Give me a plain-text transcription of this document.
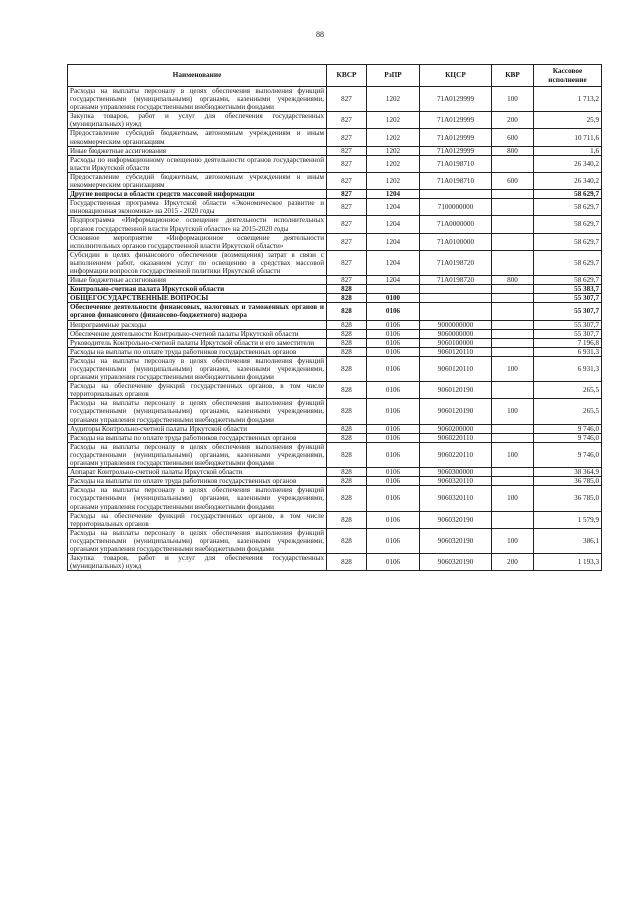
88
Наименование	КВСР	РзПР	КЦСР	КВР	Кассовое исполнение
Расходы на выплаты персоналу в целях обеспечения выполнения функций государственными (муниципальными) органами, казенными учреждениями, органами управления государственными внебюджетными фондами	827	1202	71А0129999	100	1 713,2
Закупка товаров, работ и услуг для обеспечения государственных (муниципальных) нужд	827	1202	71А0129999	200	25,9
Предоставление субсидий бюджетным, автономным учреждениям и иным некоммерческим организациям	827	1202	71А0129999	600	10 711,6
Иные бюджетные ассигнования	827	1202	71А0129999	800	1,6
Расходы по информационному освещению деятельности органов государственной власти Иркутской области	827	1202	71А0198710		26 340,2
Предоставление субсидий бюджетным, автономным учреждениям и иным некоммерческим организациям	827	1202	71А0198710	600	26 340,2
Другие вопросы в области средств массовой информации	827	1204			58 629,7
Государственная программа Иркутской области «Экономическое развитие и инновационная экономика» на 2015 - 2020 годы	827	1204	7100000000		58 629,7
Подпрограмма «Информационное освещение деятельности исполнительных органов государственной власти Иркутской области» на 2015-2020 годы	827	1204	71А0000000		58 629,7
Основное мероприятие «Информационное освещение деятельности исполнительных органов государственной власти Иркутской области»	827	1204	71А0100000		58 629,7
Субсидии в целях финансового обеспечения (возмещения) затрат в связи с выполнением работ, оказанием услуг по освещению в средствах массовой информации вопросов государственной политики Иркутской области	827	1204	71А0198720		58 629,7
Иные бюджетные ассигнования	827	1204	71А0198720	800	58 629,7
Контрольно-счетная палата Иркутской области	828				55 383,7
ОБЩЕГОСУДАРСТВЕННЫЕ ВОПРОСЫ	828	0100			55 307,7
Обеспечение деятельности финансовых, налоговых и таможенных органов и органов финансового (финансово-бюджетного) надзора	828	0106			55 307,7
Непрограммные расходы	828	0106	9000000000		55 307,7
Обеспечение деятельности Контрольно-счетной палаты Иркутской области	828	0106	9060000000		55 307,7
Руководитель Контрольно-счетной палаты Иркутской области и его заместители	828	0106	9060100000		7 196,8
Расходы на выплаты по оплате труда работников государственных органов	828	0106	9060120110		6 931,3
Расходы на выплаты персоналу в целях обеспечения выполнения функций государственными (муниципальными) органами, казенными учреждениями, органами управления государственными внебюджетными фондами	828	0106	9060120110	100	6 931,3
Расходы на обеспечение функций государственных органов, в том числе территориальных органов	828	0106	9060120190		265,5
Расходы на выплаты персоналу в целях обеспечения выполнения функций государственными (муниципальными) органами, казенными учреждениями, органами управления государственными внебюджетными фондами	828	0106	9060120190	100	265,5
Аудиторы Контрольно-счетной палаты Иркутской области	828	0106	9060200000		9 746,0
Расходы на выплаты по оплате труда работников государственных органов	828	0106	9060220110		9 746,0
Расходы на выплаты персоналу в целях обеспечения выполнения функций государственными (муниципальными) органами, казенными учреждениями, органами управления государственными внебюджетными фондами	828	0106	9060220110	100	9 746,0
Аппарат Контрольно-счетной палаты Иркутской области	828	0106	9060300000		38 364,9
Расходы на выплаты по оплате труда работников государственных органов	828	0106	9060320110		36 785,0
Расходы на выплаты персоналу в целях обеспечения выполнения функций государственными (муниципальными) органами, казенными учреждениями, органами управления государственными внебюджетными фондами	828	0106	9060320110	100	36 785,0
Расходы на обеспечение функций государственных органов, в том числе территориальных органов	828	0106	9060320190		1 579,9
Расходы на выплаты персоналу в целях обеспечения выполнения функций государственными (муниципальными) органами, казенными учреждениями, органами управления государственными внебюджетными фондами	828	0106	9060320190	100	386,1
Закупка товаров, работ и услуг для обеспечения государственных (муниципальных) нужд	828	0106	9060320190	200	1 193,3
